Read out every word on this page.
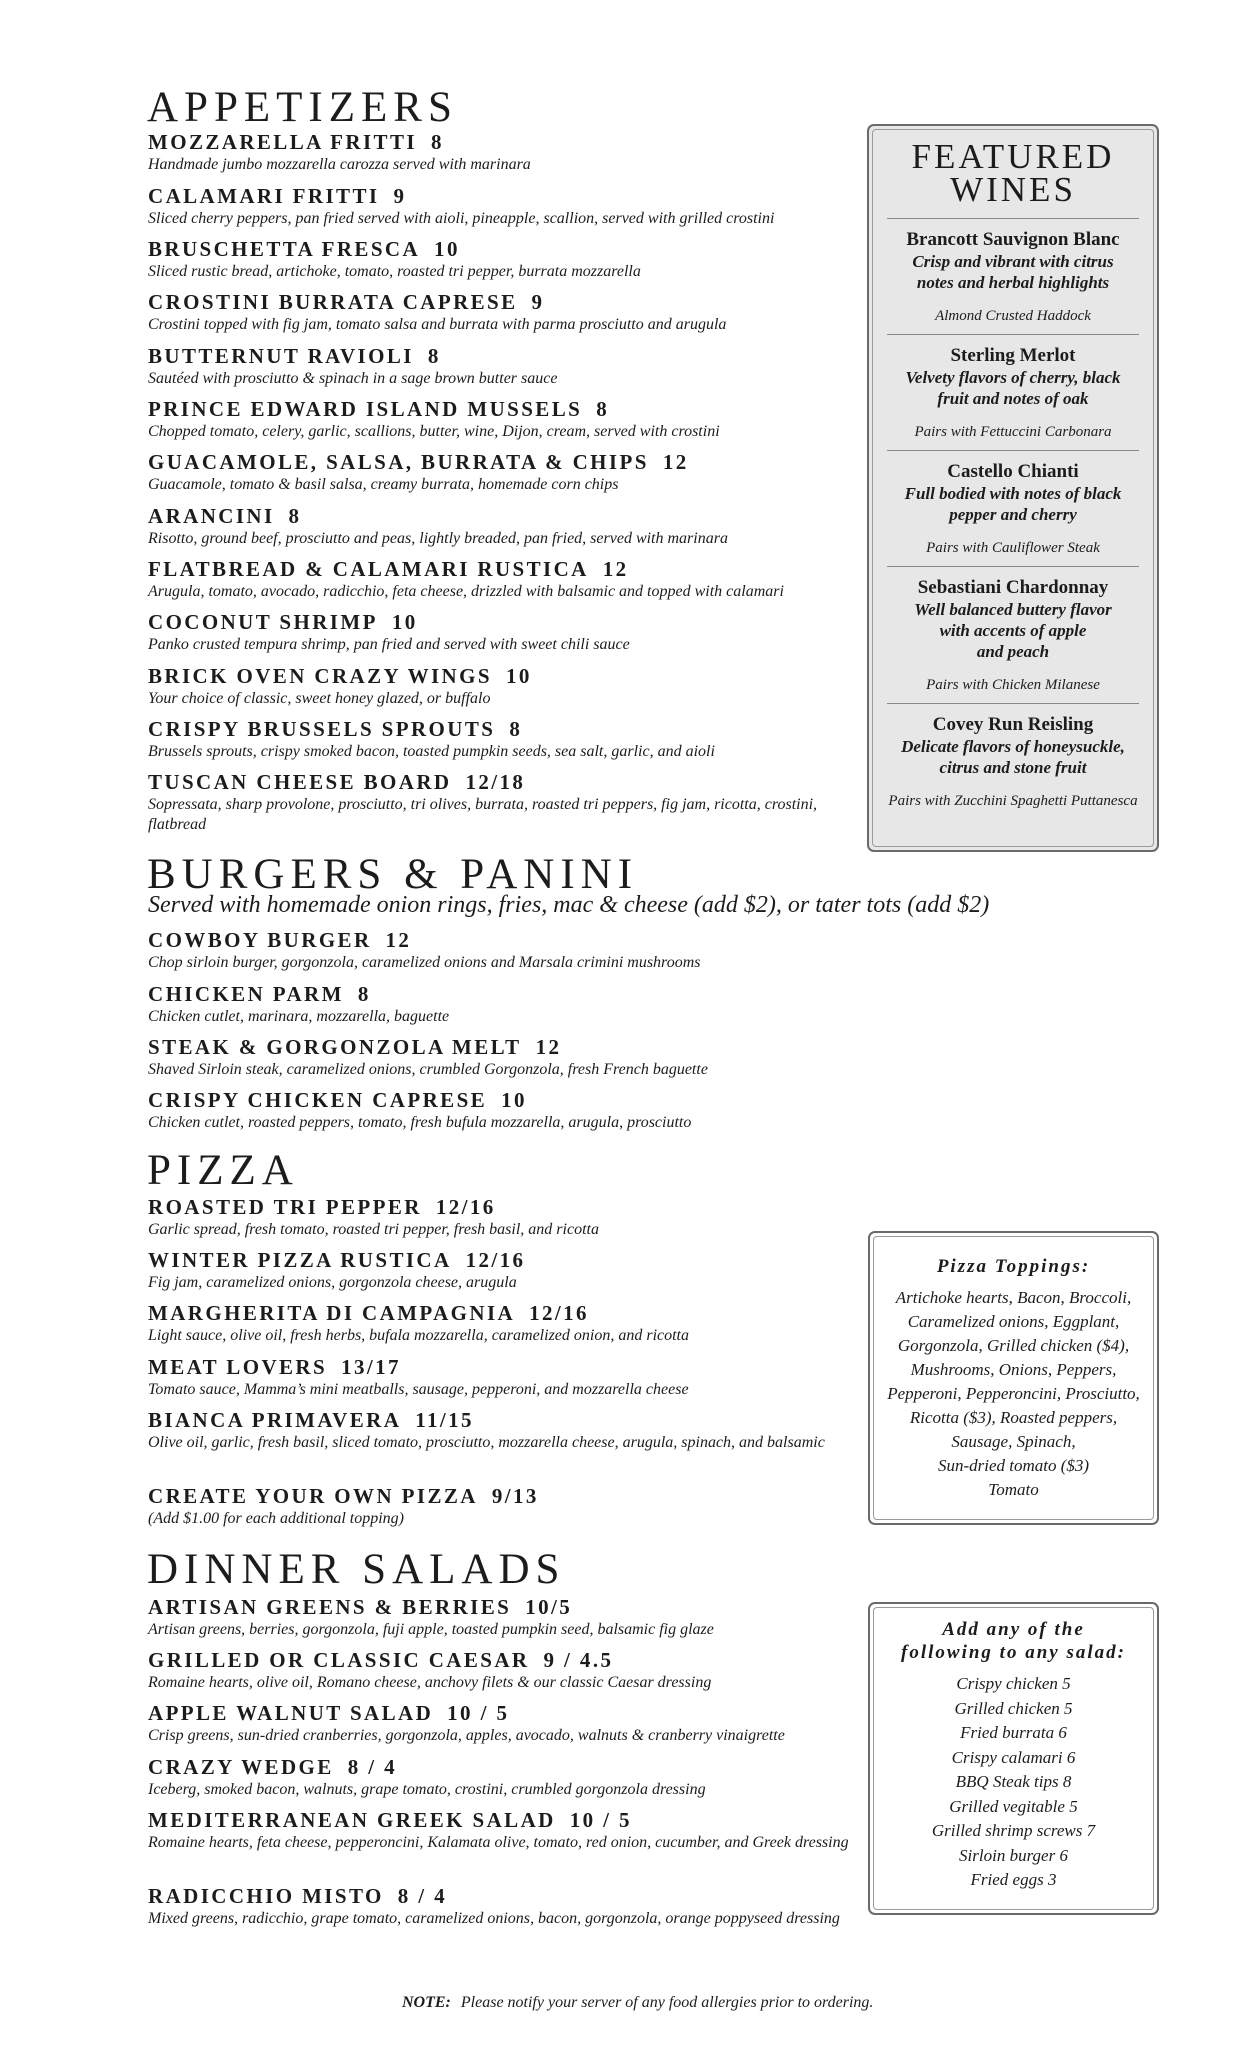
APPETIZERS
MOZZARELLA FRITTI 8
Handmade jumbo mozzarella carozza served with marinara
CALAMARI FRITTI 9
Sliced cherry peppers, pan fried served with aioli, pineapple, scallion, served with grilled crostini
BRUSCHETTA FRESCA 10
Sliced rustic bread, artichoke, tomato, roasted tri pepper, burrata mozzarella
CROSTINI BURRATA CAPRESE 9
Crostini topped with fig jam, tomato salsa and burrata with parma prosciutto and arugula
BUTTERNUT RAVIOLI 8
Sautéed with prosciutto & spinach in a sage brown butter sauce
PRINCE EDWARD ISLAND MUSSELS 8
Chopped tomato, celery, garlic, scallions, butter, wine, Dijon, cream, served with crostini
GUACAMOLE, SALSA, BURRATA & CHIPS 12
Guacamole, tomato & basil salsa, creamy burrata, homemade corn chips
ARANCINI 8
Risotto, ground beef, prosciutto and peas, lightly breaded, pan fried, served with marinara
FLATBREAD & CALAMARI RUSTICA 12
Arugula, tomato, avocado, radicchio, feta cheese, drizzled with balsamic and topped with calamari
COCONUT SHRIMP 10
Panko crusted tempura shrimp, pan fried and served with sweet chili sauce
BRICK OVEN CRAZY WINGS 10
Your choice of classic, sweet honey glazed, or buffalo
CRISPY BRUSSELS SPROUTS 8
Brussels sprouts, crispy smoked bacon, toasted pumpkin seeds, sea salt, garlic, and aioli
TUSCAN CHEESE BOARD 12/18
Sopressata, sharp provolone, prosciutto, tri olives, burrata, roasted tri peppers, fig jam, ricotta, crostini, flatbread
BURGERS & PANINI
Served with homemade onion rings, fries, mac & cheese (add $2), or tater tots (add $2)
COWBOY BURGER 12
Chop sirloin burger, gorgonzola, caramelized onions and Marsala crimini mushrooms
CHICKEN PARM 8
Chicken cutlet, marinara, mozzarella, baguette
STEAK & GORGONZOLA MELT 12
Shaved Sirloin steak, caramelized onions, crumbled Gorgonzola, fresh French baguette
CRISPY CHICKEN CAPRESE 10
Chicken cutlet, roasted peppers, tomato, fresh bufula mozzarella, arugula, prosciutto
PIZZA
ROASTED TRI PEPPER 12/16
Garlic spread, fresh tomato, roasted tri pepper, fresh basil, and ricotta
WINTER PIZZA RUSTICA 12/16
Fig jam, caramelized onions, gorgonzola cheese, arugula
MARGHERITA DI CAMPAGNIA 12/16
Light sauce, olive oil, fresh herbs, bufala mozzarella, caramelized onion, and ricotta
MEAT LOVERS 13/17
Tomato sauce, Mamma’s mini meatballs, sausage, pepperoni, and mozzarella cheese
BIANCA PRIMAVERA 11/15
Olive oil, garlic, fresh basil, sliced tomato, prosciutto, mozzarella cheese, arugula, spinach, and balsamic
CREATE YOUR OWN PIZZA 9/13
(Add $1.00 for each additional topping)
DINNER SALADS
ARTISAN GREENS & BERRIES 10/5
Artisan greens, berries, gorgonzola, fuji apple, toasted pumpkin seed, balsamic fig glaze
GRILLED OR CLASSIC CAESAR 9 / 4.5
Romaine hearts, olive oil, Romano cheese, anchovy filets & our classic Caesar dressing
APPLE WALNUT SALAD 10 / 5
Crisp greens, sun-dried cranberries, gorgonzola, apples, avocado, walnuts & cranberry vinaigrette
CRAZY WEDGE 8 / 4
Iceberg, smoked bacon, walnuts, grape tomato, crostini, crumbled gorgonzola dressing
MEDITERRANEAN GREEK SALAD 10 / 5
Romaine hearts, feta cheese, pepperoncini, Kalamata olive, tomato, red onion, cucumber, and Greek dressing
RADICCHIO MISTO 8 / 4
Mixed greens, radicchio, grape tomato, caramelized onions, bacon, gorgonzola, orange poppyseed dressing
FEATURED
WINES
Brancott Sauvignon Blanc
Crisp and vibrant with citrus
notes and herbal highlights
Almond Crusted Haddock
Sterling Merlot
Velvety flavors of cherry, black
fruit and notes of oak
Pairs with Fettuccini Carbonara
Castello Chianti
Full bodied with notes of black
pepper and cherry
Pairs with Cauliflower Steak
Sebastiani Chardonnay
Well balanced buttery flavor
with accents of apple
and peach
Pairs with Chicken Milanese
Covey Run Reisling
Delicate flavors of honeysuckle,
citrus and stone fruit
Pairs with Zucchini Spaghetti Puttanesca
Pizza Toppings:
Artichoke hearts, Bacon, Broccoli,
Caramelized onions, Eggplant,
Gorgonzola, Grilled chicken ($4),
Mushrooms, Onions, Peppers,
Pepperoni, Pepperoncini, Prosciutto,
Ricotta ($3), Roasted peppers,
Sausage, Spinach,
Sun-dried tomato ($3)
Tomato
Add any of the
following to any salad:
Crispy chicken 5
Grilled chicken 5
Fried burrata 6
Crispy calamari 6
BBQ Steak tips 8
Grilled vegitable 5
Grilled shrimp screws 7
Sirloin burger 6
Fried eggs 3
NOTE: Please notify your server of any food allergies prior to ordering.
